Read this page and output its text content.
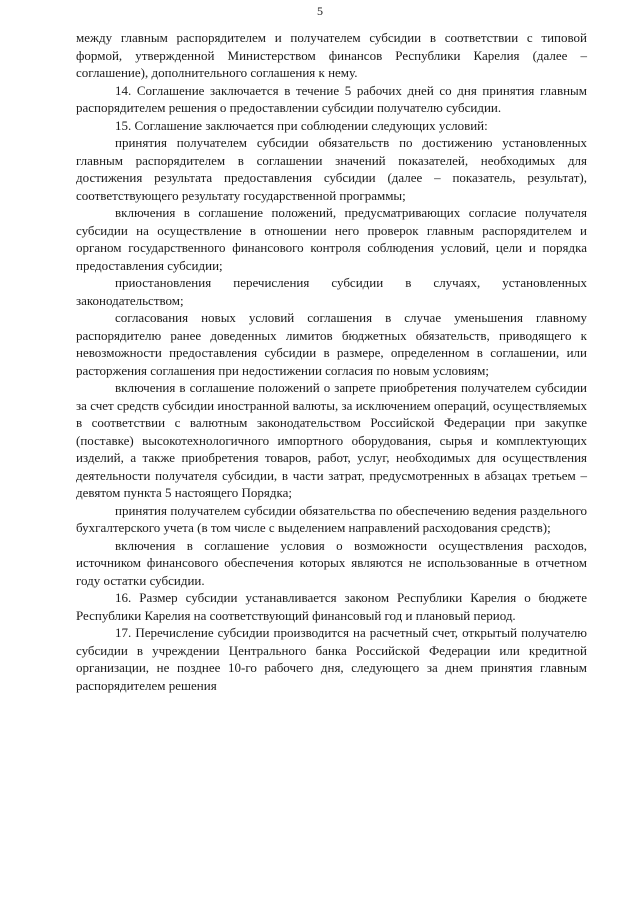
5

между главным распорядителем и получателем субсидии в соответствии с типовой формой, утвержденной Министерством финансов Республики Карелия (далее – соглашение), дополнительного соглашения к нему.

14. Соглашение заключается в течение 5 рабочих дней со дня принятия главным распорядителем решения о предоставлении субсидии получателю субсидии.

15. Соглашение заключается при соблюдении следующих условий:

принятия получателем субсидии обязательств по достижению установленных главным распорядителем в соглашении значений показателей, необходимых для достижения результата предоставления субсидии (далее – показатель, результат), соответствующего результату государственной программы;

включения в соглашение положений, предусматривающих согласие получателя субсидии на осуществление в отношении него проверок главным распорядителем и органом государственного финансового контроля соблюдения условий, цели и порядка предоставления субсидии;

приостановления перечисления субсидии в случаях, установленных законодательством;

согласования новых условий соглашения в случае уменьшения главному распорядителю ранее доведенных лимитов бюджетных обязательств, приводящего к невозможности предоставления субсидии в размере, определенном в соглашении, или расторжения соглашения при недостижении согласия по новым условиям;

включения в соглашение положений о запрете приобретения получателем субсидии за счет средств субсидии иностранной валюты, за исключением операций, осуществляемых в соответствии с валютным законодательством Российской Федерации при закупке (поставке) высокотехнологичного импортного оборудования, сырья и комплектующих изделий, а также приобретения товаров, работ, услуг, необходимых для осуществления деятельности получателя субсидии, в части затрат, предусмотренных в абзацах третьем – девятом пункта 5 настоящего Порядка;

принятия получателем субсидии обязательства по обеспечению ведения раздельного бухгалтерского учета (в том числе с выделением направлений расходования средств);

включения в соглашение условия о возможности осуществления расходов, источником финансового обеспечения которых являются не использованные в отчетном году остатки субсидии.

16. Размер субсидии устанавливается законом Республики Карелия о бюджете Республики Карелия на соответствующий финансовый год и плановый период.

17. Перечисление субсидии производится на расчетный счет, открытый получателю субсидии в учреждении Центрального банка Российской Федерации или кредитной организации, не позднее 10-го рабочего дня, следующего за днем принятия главным распорядителем решения
